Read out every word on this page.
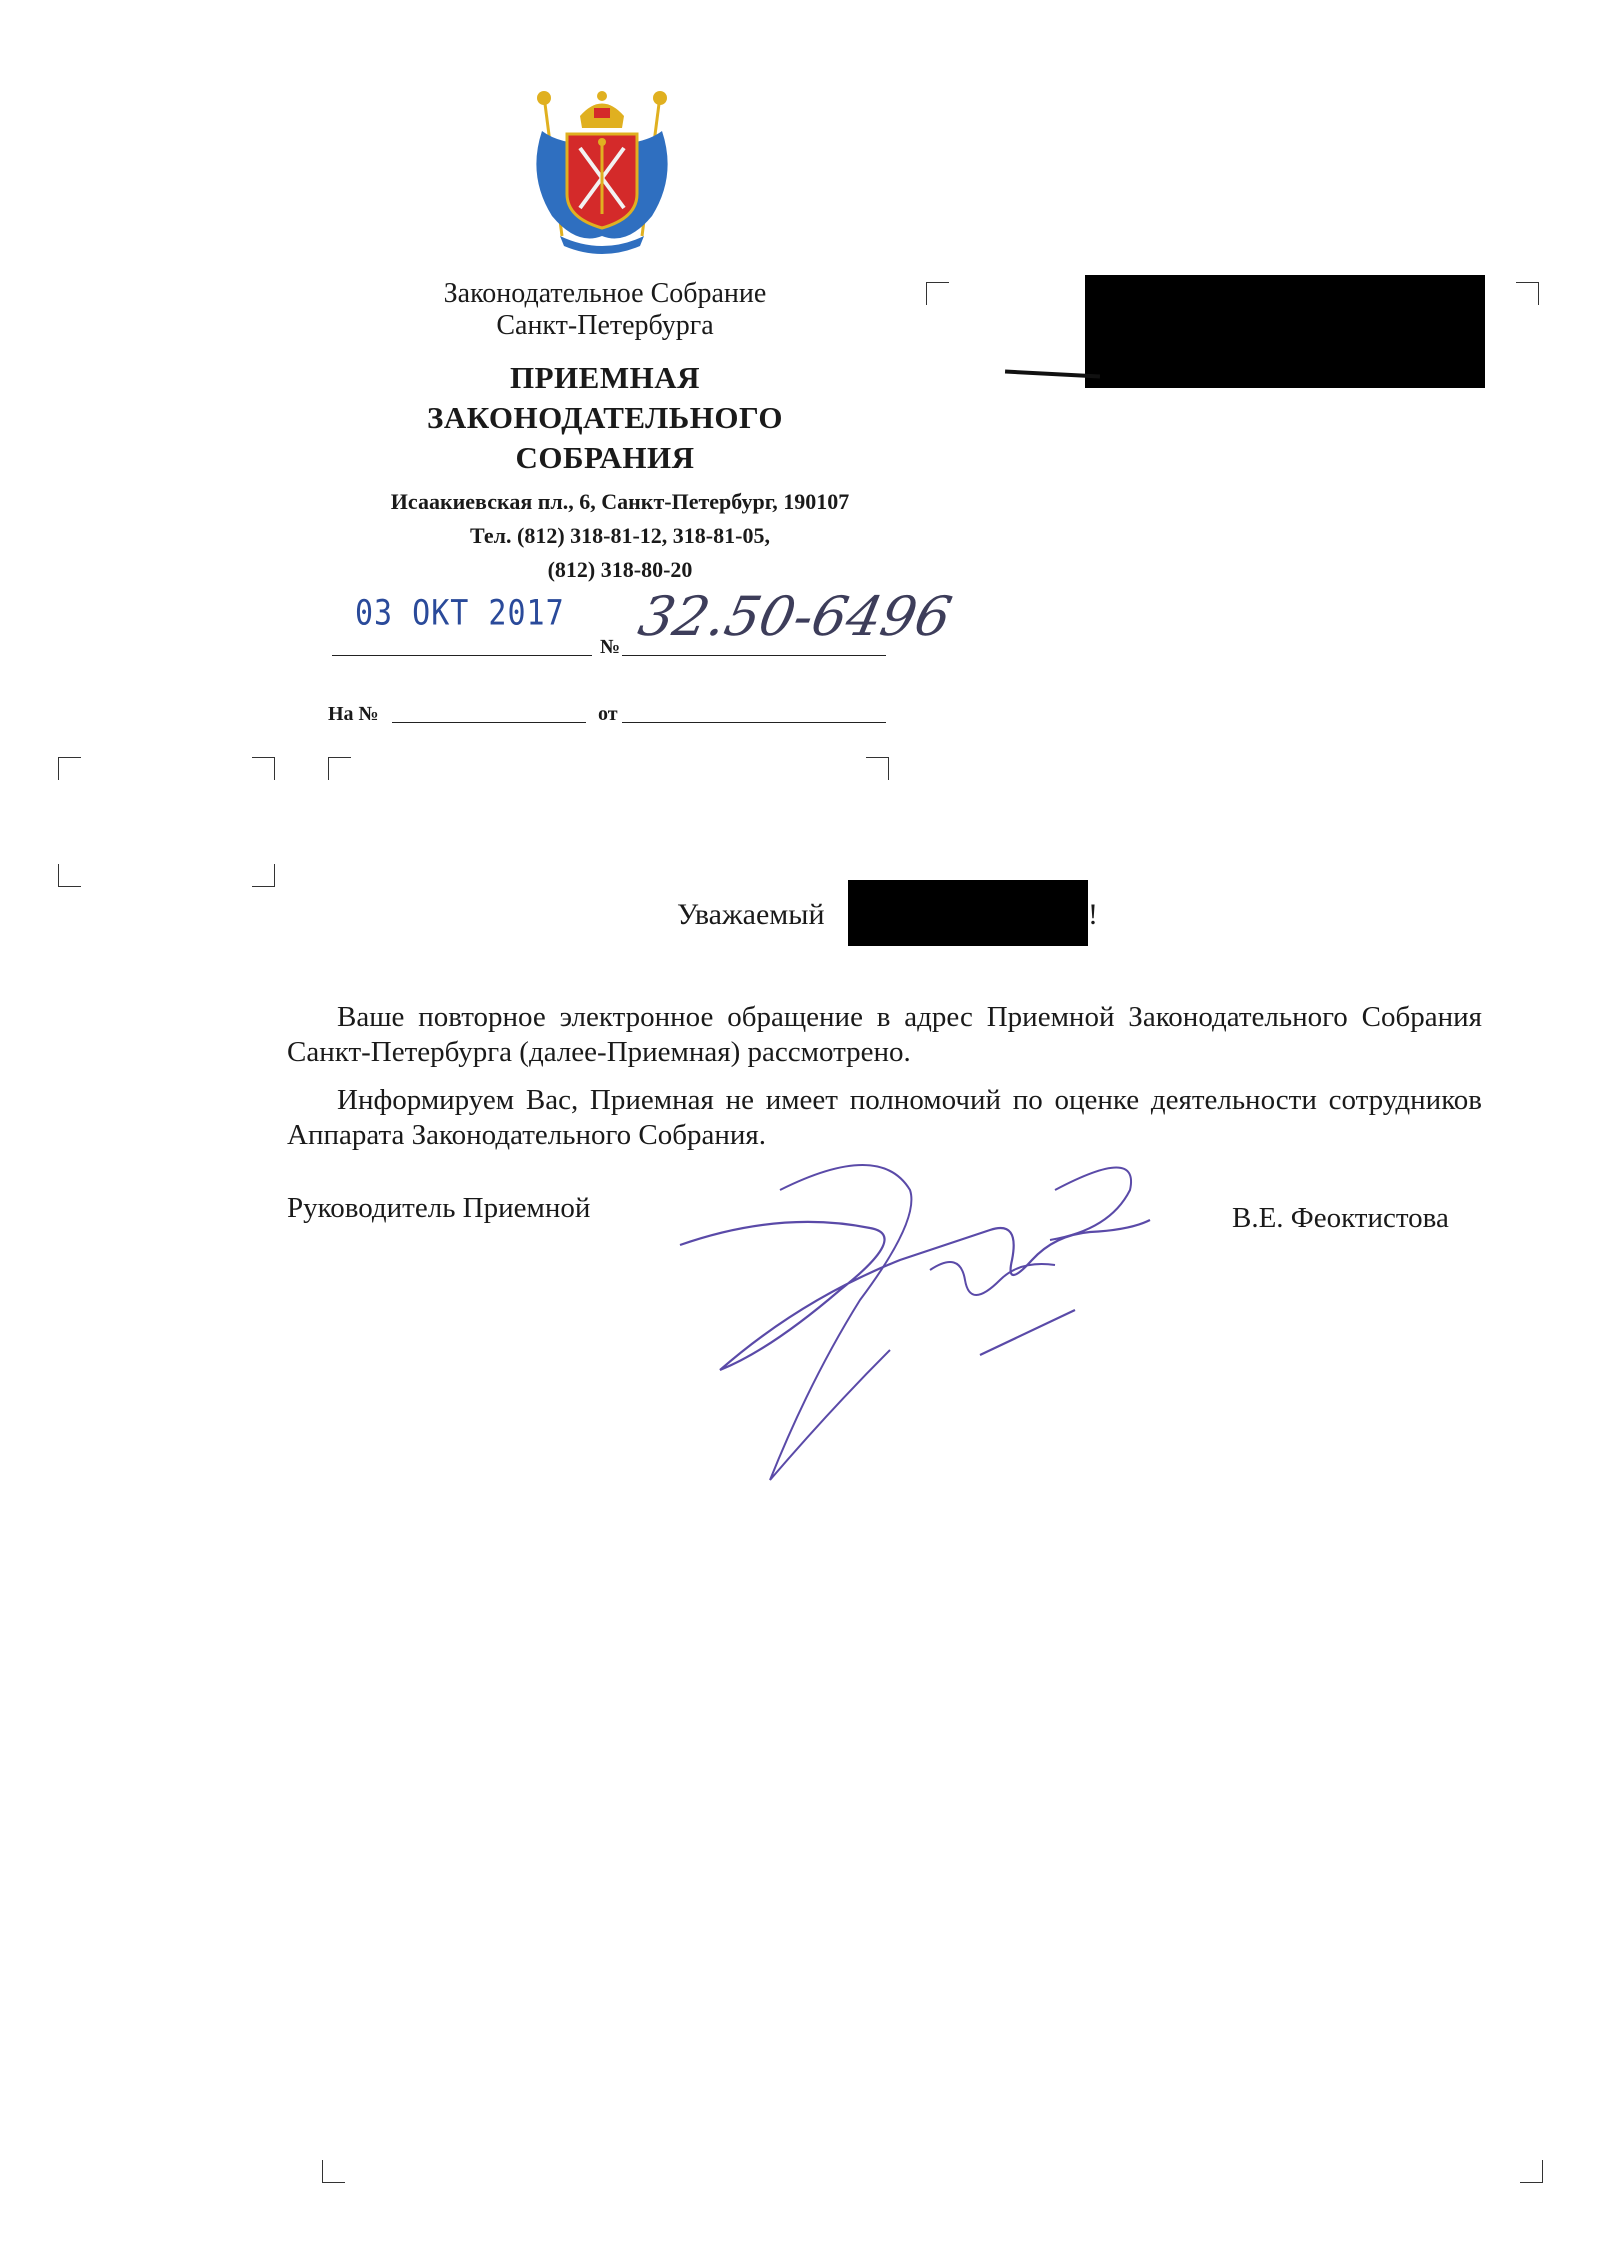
Законодательное Собрание
Санкт-Петербурга
ПРИЕМНАЯ
ЗАКОНОДАТЕЛЬНОГО
СОБРАНИЯ
Исаакиевская пл., 6, Санкт-Петербург, 190107
Тел. (812) 318-81-12, 318-81-05,
(812) 318-80-20
03 ОКТ 2017
№ 32.50-6496
На №	от
Уважаемый	!
Ваше повторное электронное обращение в адрес Приемной Законодательного Собрания Санкт-Петербурга (далее-Приемная) рассмотрено.
Информируем Вас, Приемная не имеет полномочий по оценке деятельности сотрудников Аппарата Законодательного Собрания.
Руководитель Приемной	В.Е. Феоктистова
